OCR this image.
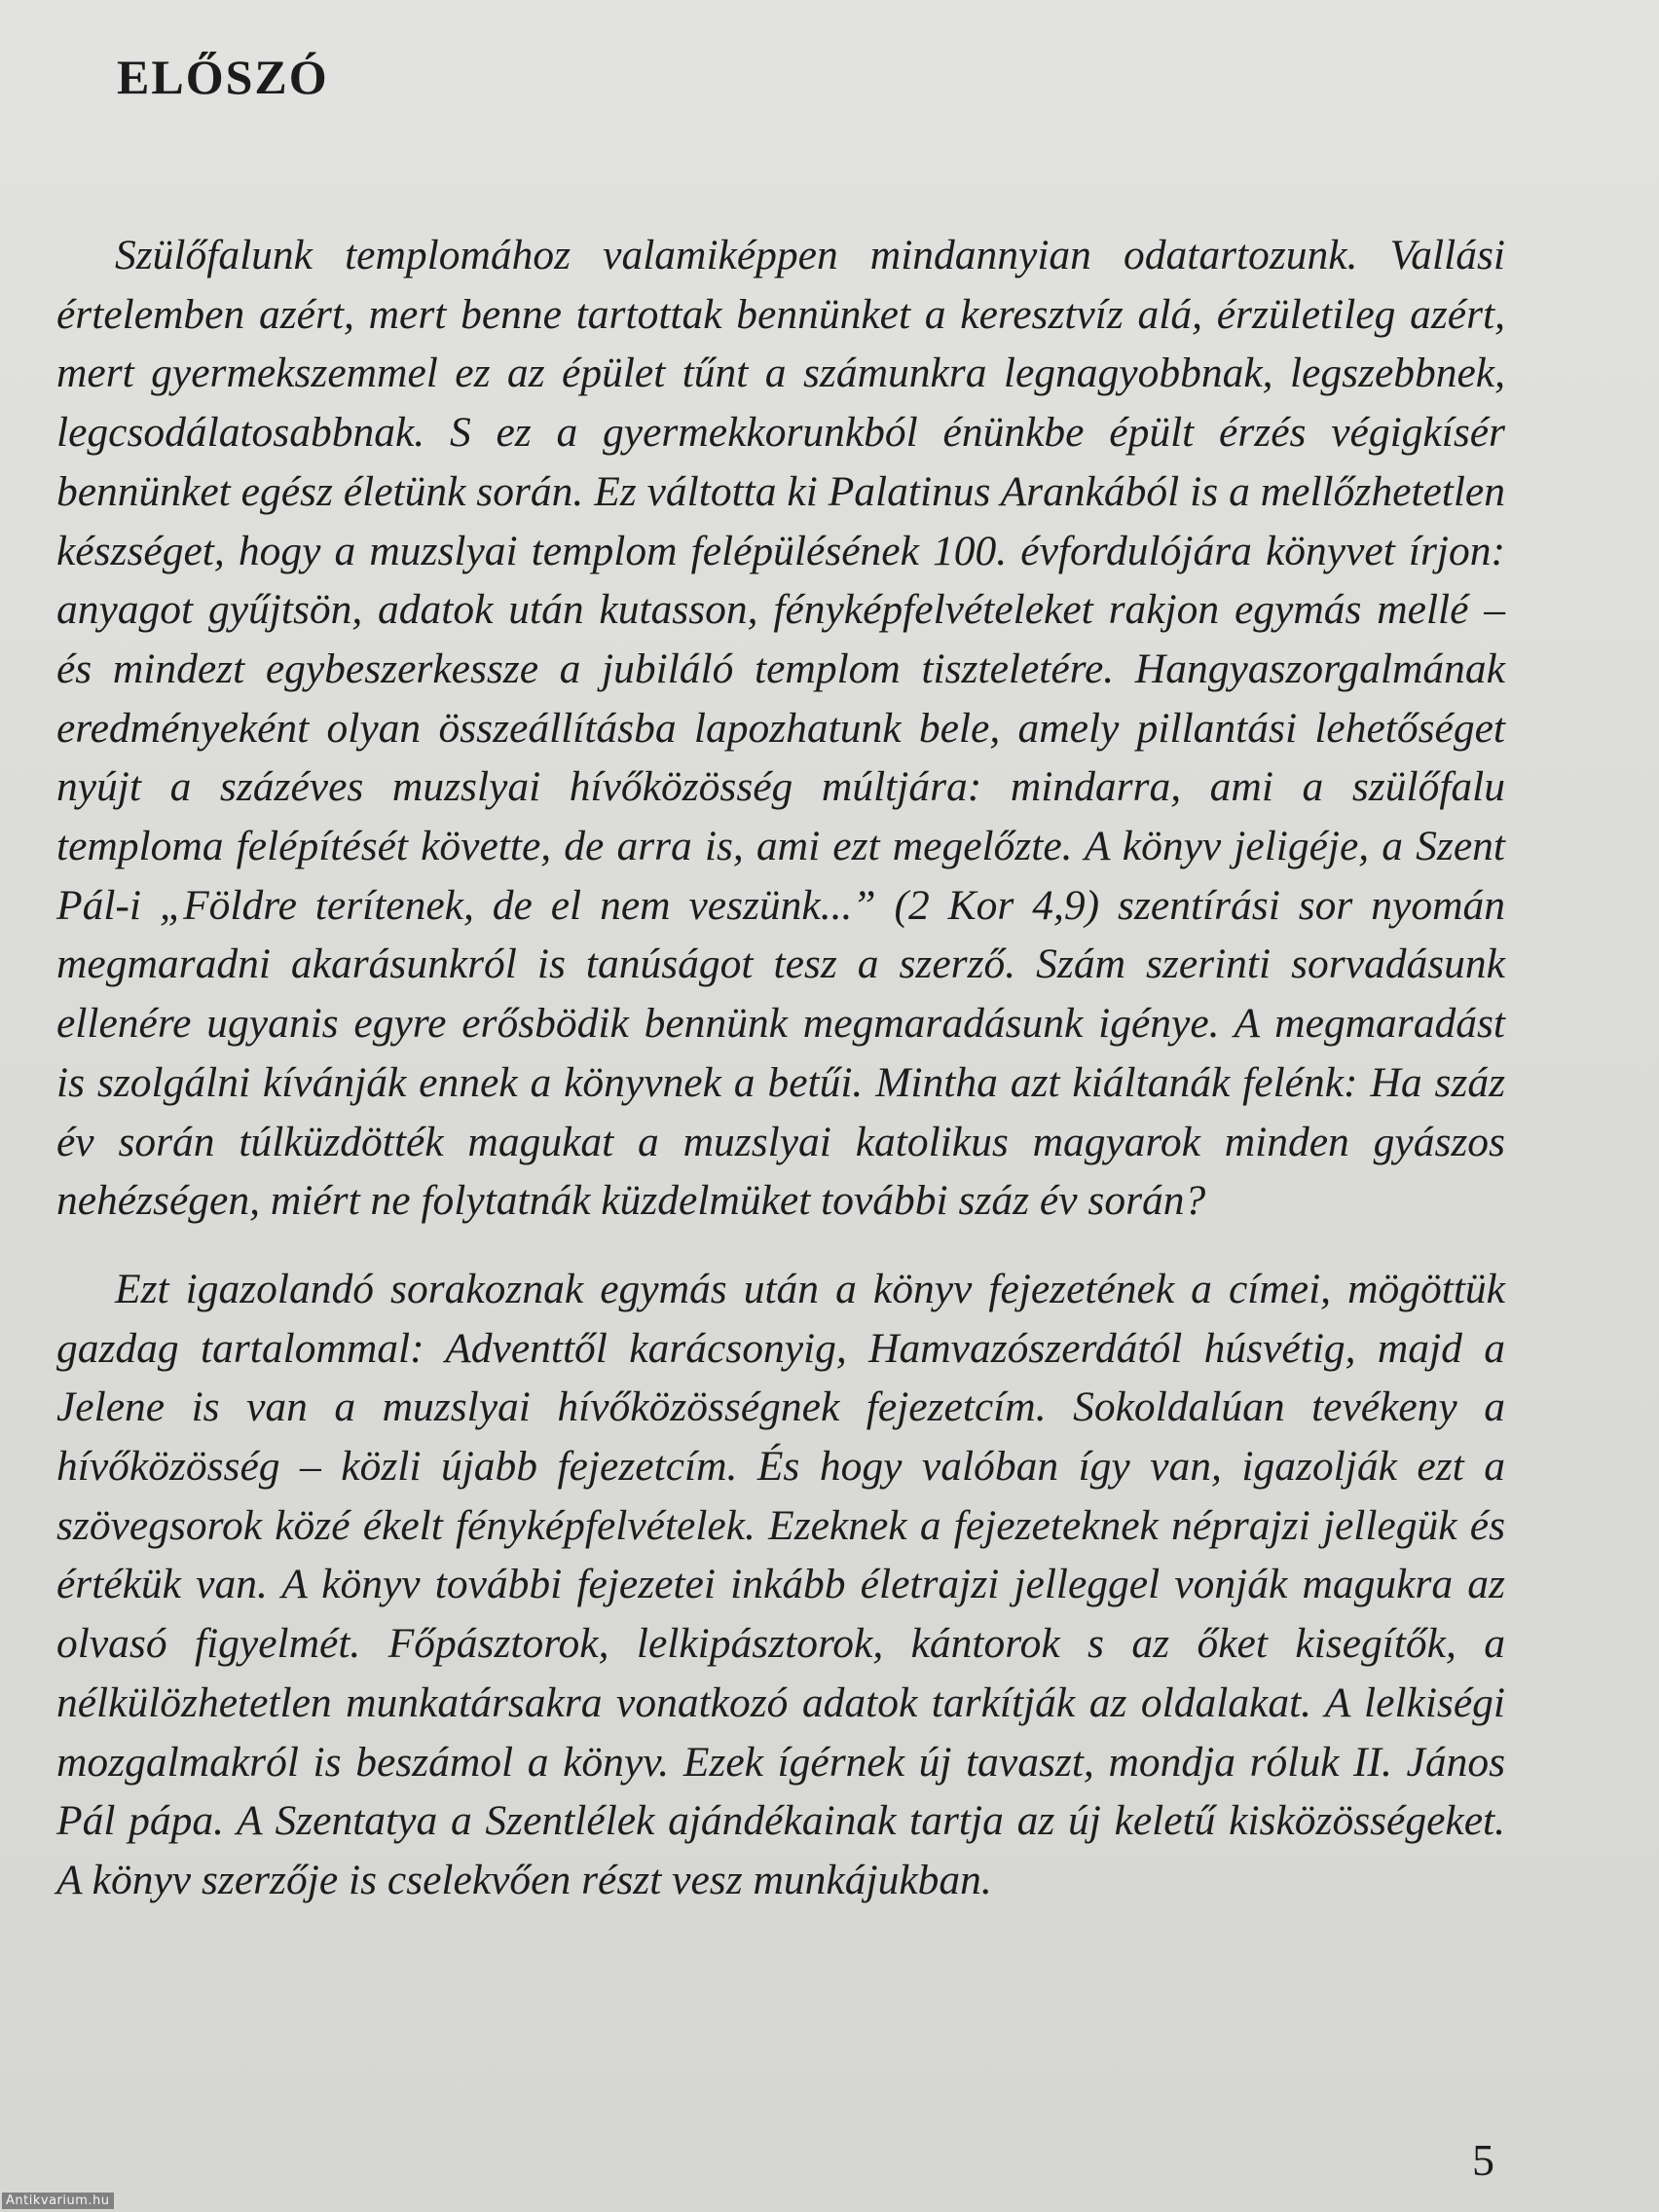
ELŐSZÓ

Szülőfalunk templomához valamiképpen mindannyian odatartozunk. Vallási értelemben azért, mert benne tartottak bennünket a keresztvíz alá, érzületileg azért, mert gyermekszemmel ez az épület tűnt a számunkra legnagyobbnak, legszebbnek, legcsodálatosabbnak. S ez a gyermekkorunkból énünkbe épült érzés végigkísér bennünket egész életünk során. Ez váltotta ki Palatinus Arankából is a mellőzhetetlen készséget, hogy a muzslyai templom felépülésének 100. évfordulójára könyvet írjon: anyagot gyűjtsön, adatok után kutasson, fényképfelvételeket rakjon egymás mellé – és mindezt egybeszerkessze a jubiláló templom tiszteletére. Hangyaszorgalmának eredményeként olyan összeállításba lapozhatunk bele, amely pillantási lehetőséget nyújt a százéves muzslyai hívőközösség múltjára: mindarra, ami a szülőfalu temploma felépítését követte, de arra is, ami ezt megelőzte. A könyv jeligéje, a Szent Pál-i „Földre terítenek, de el nem veszünk...” (2 Kor 4,9) szentírási sor nyomán megmaradni akarásunkról is tanúságot tesz a szerző. Szám szerinti sorvadásunk ellenére ugyanis egyre erősbödik bennünk megmaradásunk igénye. A megmaradást is szolgálni kívánják ennek a könyvnek a betűi. Mintha azt kiáltanák felénk: Ha száz év során túlküzdötték magukat a muzslyai katolikus magyarok minden gyászos nehézségen, miért ne folytatnák küzdelmüket további száz év során?

Ezt igazolandó sorakoznak egymás után a könyv fejezetének a címei, mögöttük gazdag tartalommal: Adventtől karácsonyig, Hamvazószerdától húsvétig, majd a Jelene is van a muzslyai hívőközösségnek fejezetcím. Sokoldalúan tevékeny a hívőközösség – közli újabb fejezetcím. És hogy valóban így van, igazolják ezt a szövegsorok közé ékelt fényképfelvételek. Ezeknek a fejezeteknek néprajzi jellegük és értékük van. A könyv további fejezetei inkább életrajzi jelleggel vonják magukra az olvasó figyelmét. Főpásztorok, lelkipásztorok, kántorok s az őket kisegítők, a nélkülözhetetlen munkatársakra vonatkozó adatok tarkítják az oldalakat. A lelkiségi mozgalmakról is beszámol a könyv. Ezek ígérnek új tavaszt, mondja róluk II. János Pál pápa. A Szentatya a Szentlélek ajándékainak tartja az új keletű kisközösségeket. A könyv szerzője is cselekvően részt vesz munkájukban.

5
Antikvarium.hu
